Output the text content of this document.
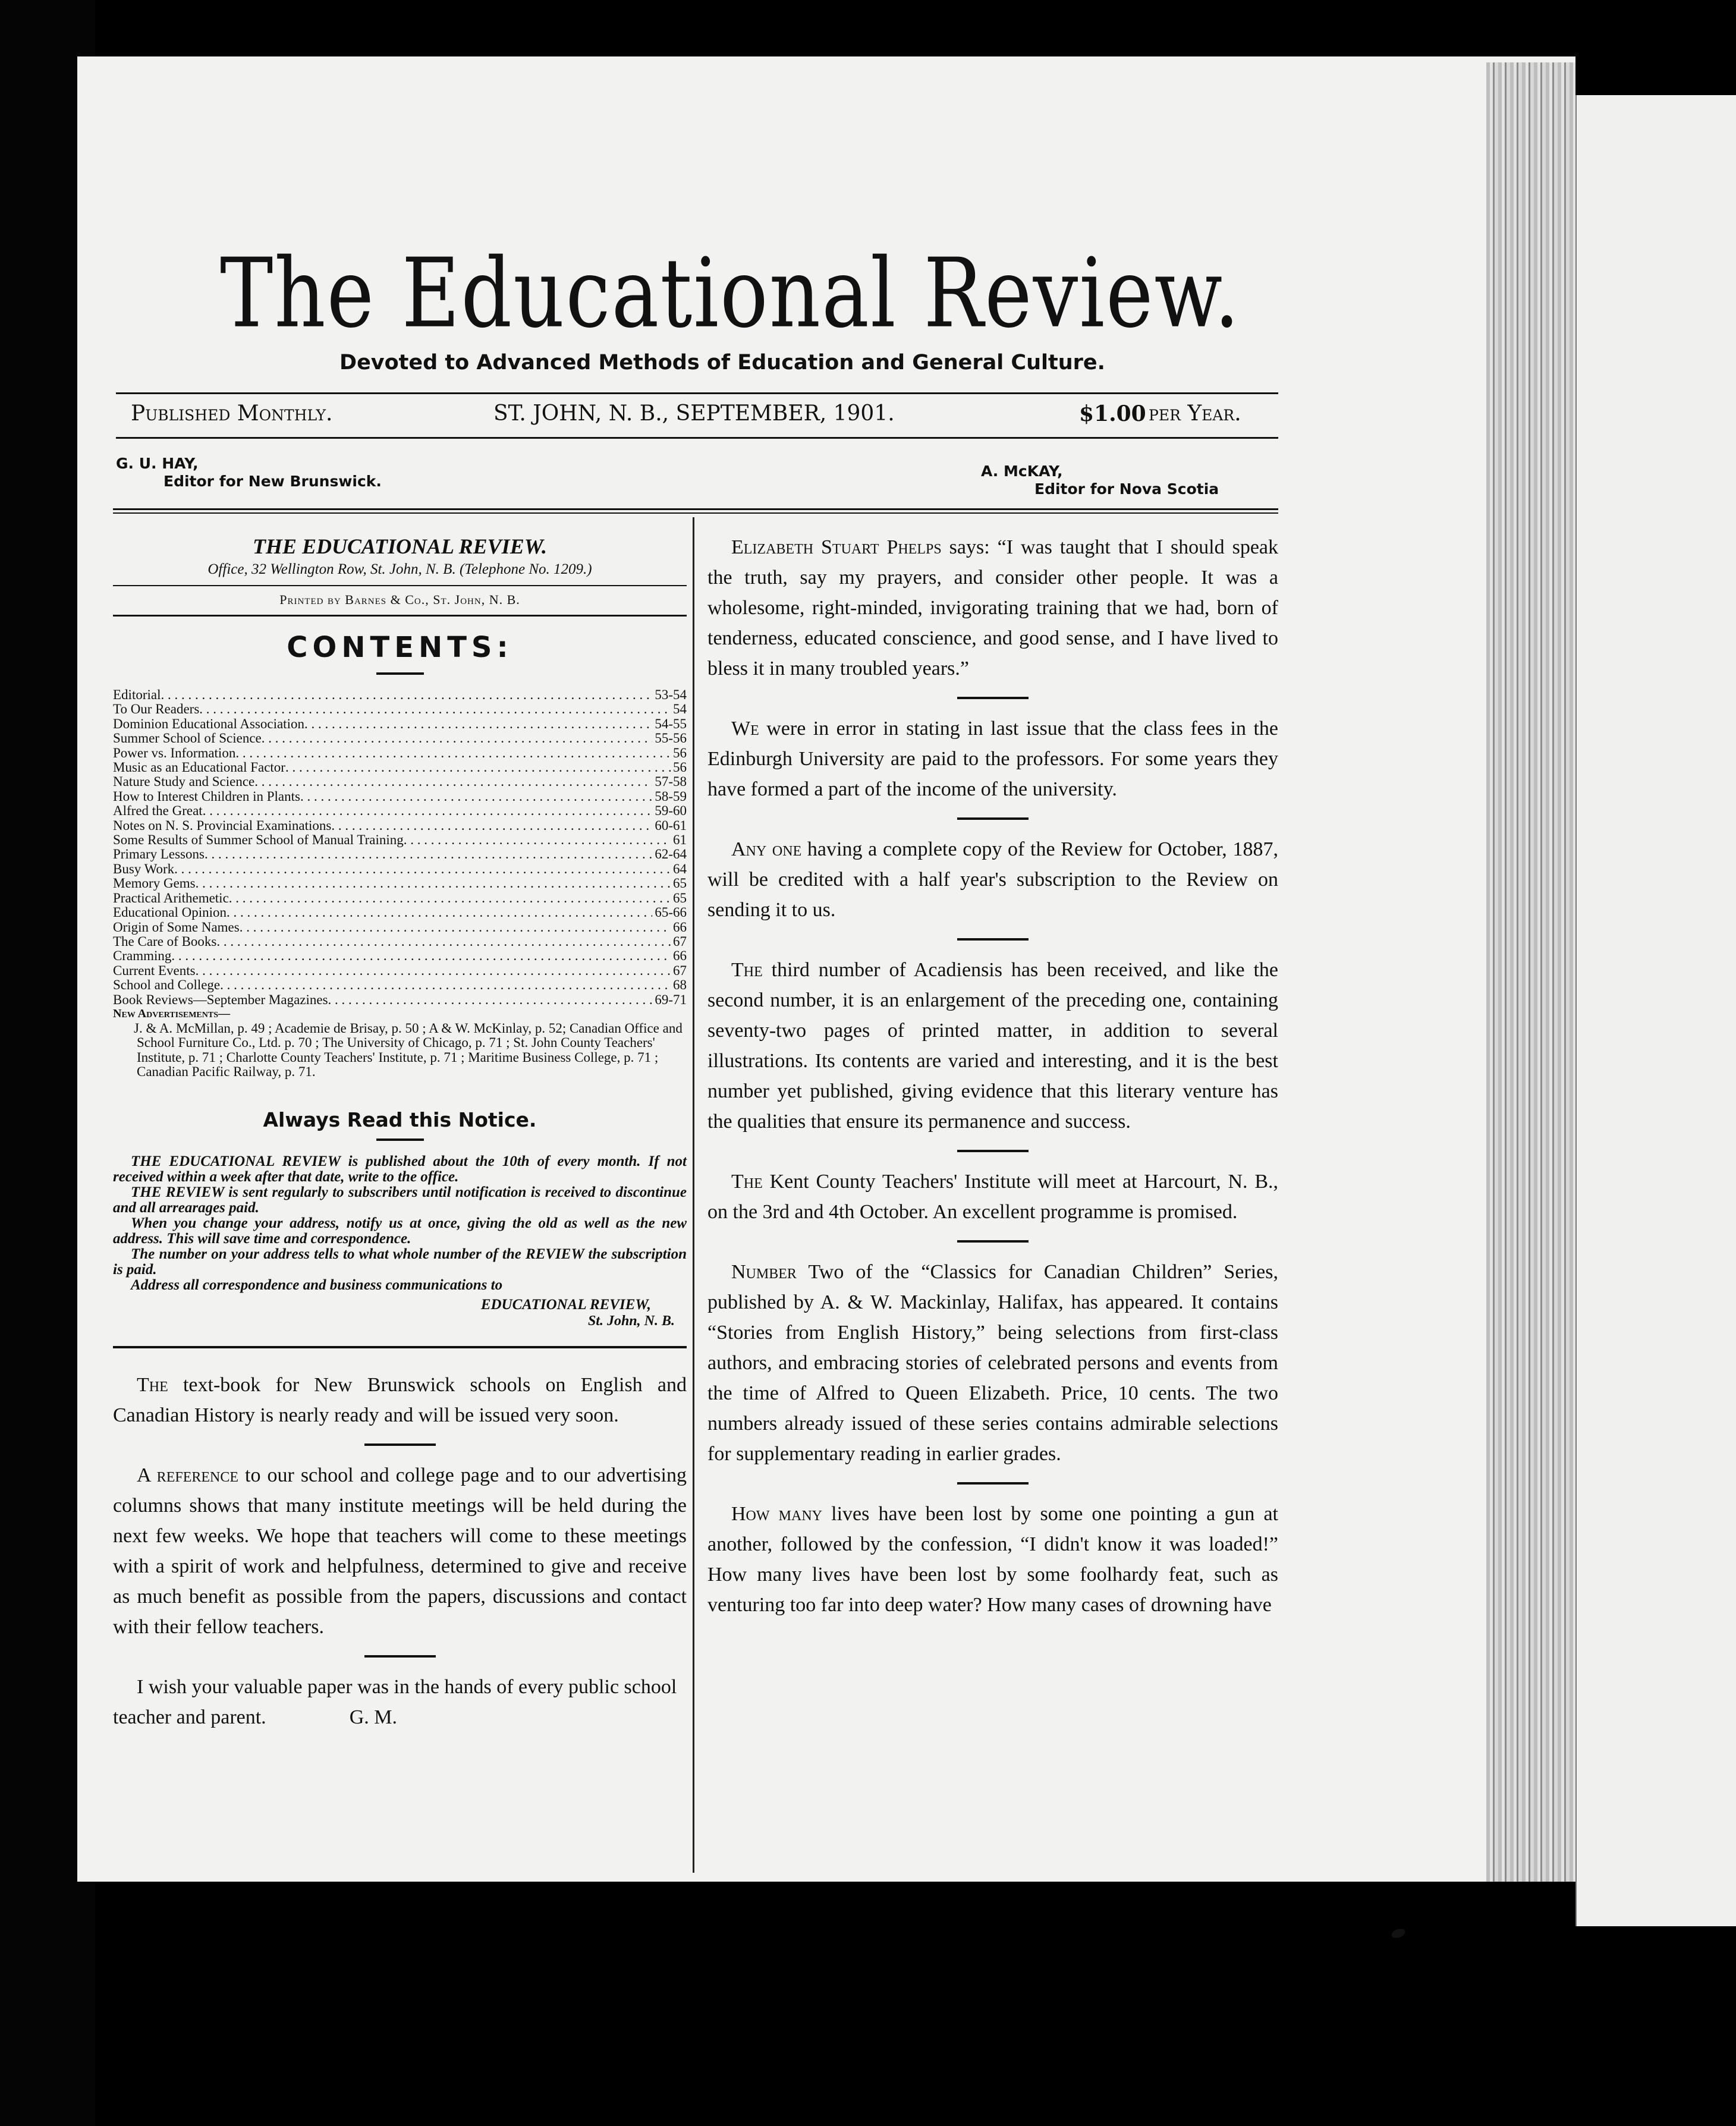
The Educational Review.
Devoted to Advanced Methods of Education and General Culture.
Published Monthly.	ST. JOHN, N. B., SEPTEMBER, 1901.	$1.00 per Year.
G. U. HAY,
Editor for New Brunswick.
A. McKAY,
Editor for Nova Scotia
THE EDUCATIONAL REVIEW.
Office, 32 Wellington Row, St. John, N. B. (Telephone No. 1209.)
Printed by Barnes & Co., St. John, N. B.
CONTENTS:
Editorial . . .	53-54
To Our Readers . . .	54
Dominion Educational Association . . .	54-55
Summer School of Science . . .	55-56
Power vs. Information . . .	56
Music as an Educational Factor . . .	56
Nature Study and Science . . .	57-58
How to Interest Children in Plants . . .	58-59
Alfred the Great . . .	59-60
Notes on N. S. Provincial Examinations . . .	60-61
Some Results of Summer School of Manual Training . . .	61
Primary Lessons . . .	62-64
Busy Work . . .	64
Memory Gems . . .	65
Practical Arithemetic . . .	65
Educational Opinion . . .	65-66
Origin of Some Names . . .	66
The Care of Books . . .	67
Cramming . . .	66
Current Events . . .	67
School and College . . .	68
Book Reviews—September Magazines . . .	69-71
New Advertisements—
J. & A. McMillan, p. 49 ; Academie de Brisay, p. 50 ; A & W. McKinlay, p. 52; Canadian Office and School Furniture Co., Ltd. p. 70 ; The University of Chicago, p. 71 ; St. John County Teachers' Institute, p. 71 ; Charlotte County Teachers' Institute, p. 71 ; Maritime Business College, p. 71 ; Canadian Pacific Railway, p. 71.
Always Read this Notice.

THE EDUCATIONAL REVIEW is published about the 10th of every month. If not received within a week after that date, write to the office.

THE REVIEW is sent regularly to subscribers until notification is received to discontinue and all arrearages paid.

When you change your address, notify us at once, giving the old as well as the new address. This will save time and correspondence.

The number on your address tells to what whole number of the REVIEW the subscription is paid.

Address all correspondence and business communications to

EDUCATIONAL REVIEW,
St. John, N. B.

The text-book for New Brunswick schools on English and Canadian History is nearly ready and will be issued very soon.

A reference to our school and college page and to our advertising columns shows that many institute meetings will be held during the next few weeks. We hope that teachers will come to these meetings with a spirit of work and helpfulness, determined to give and receive as much benefit as possible from the papers, discussions and contact with their fellow teachers.

I wish your valuable paper was in the hands of every public school teacher and parent.	G. M.

Elizabeth Stuart Phelps says: “I was taught that I should speak the truth, say my prayers, and consider other people. It was a wholesome, right-minded, invigorating training that we had, born of tenderness, educated conscience, and good sense, and I have lived to bless it in many troubled years.”

We were in error in stating in last issue that the class fees in the Edinburgh University are paid to the professors. For some years they have formed a part of the income of the university.

Any one having a complete copy of the Review for October, 1887, will be credited with a half year's subscription to the Review on sending it to us.

The third number of Acadiensis has been received, and like the second number, it is an enlargement of the preceding one, containing seventy-two pages of printed matter, in addition to several illustrations. Its contents are varied and interesting, and it is the best number yet published, giving evidence that this literary venture has the qualities that ensure its permanence and success.

The Kent County Teachers' Institute will meet at Harcourt, N. B., on the 3rd and 4th October. An excellent programme is promised.

Number Two of the “Classics for Canadian Children” Series, published by A. & W. Mackinlay, Halifax, has appeared. It contains “Stories from English History,” being selections from first-class authors, and embracing stories of celebrated persons and events from the time of Alfred to Queen Elizabeth. Price, 10 cents. The two numbers already issued of these series contains admirable selections for supplementary reading in earlier grades.

How many lives have been lost by some one pointing a gun at another, followed by the confession, “I didn't know it was loaded!” How many lives have been lost by some foolhardy feat, such as venturing too far into deep water? How many cases of drowning have
